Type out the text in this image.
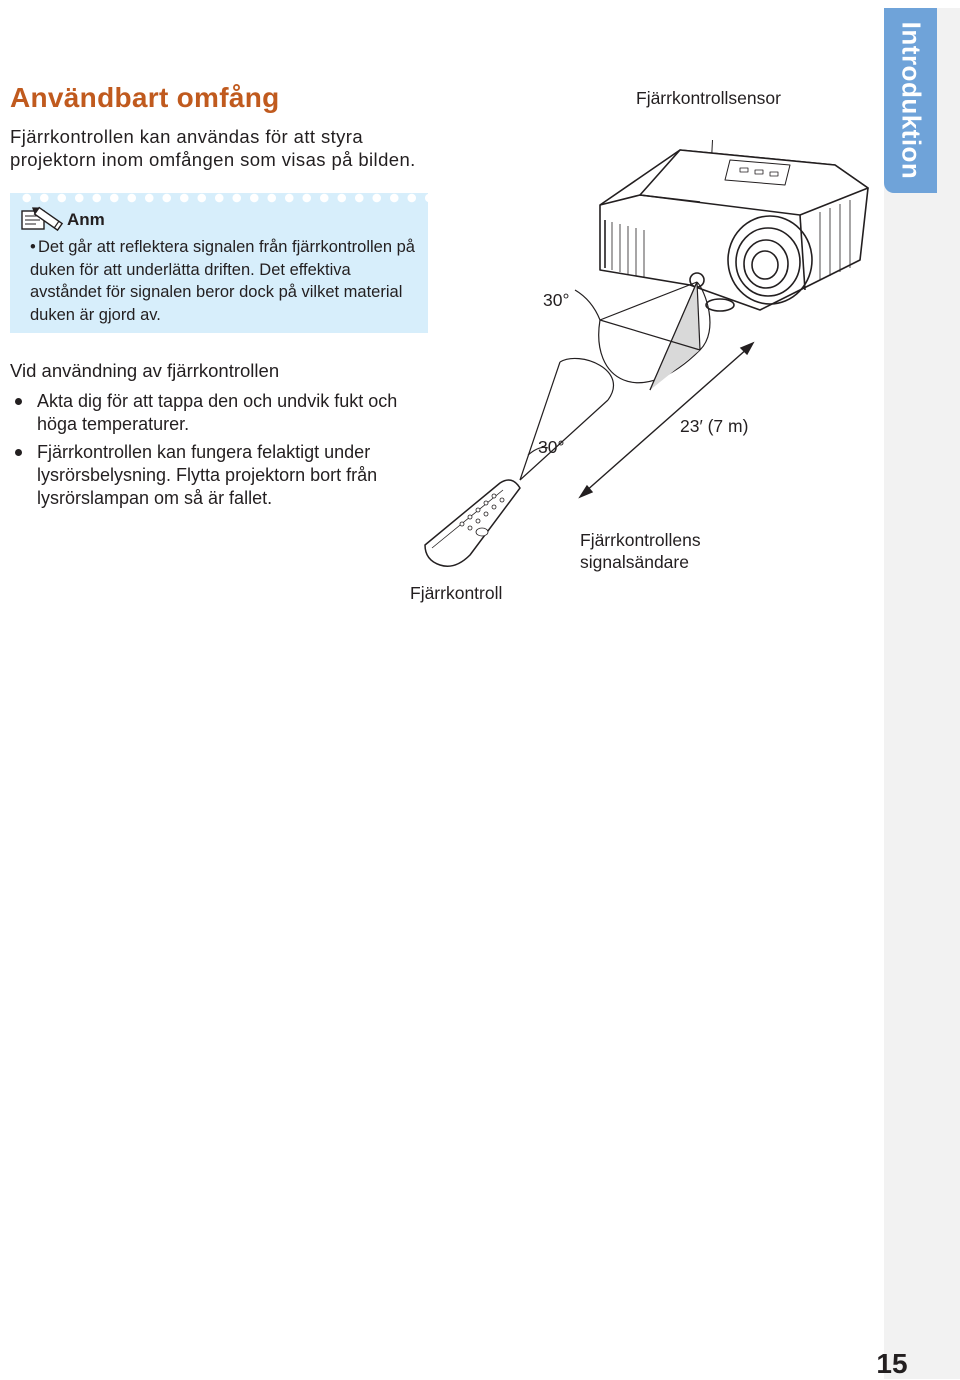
Introduktion
15
Användbart omfång

Fjärrkontrollen kan användas för att styra projektorn inom omfången som visas på bilden.

Anm

• Det går att reflektera signalen från fjärrkontrollen på duken för att underlätta driften. Det effektiva avståndet för signalen beror dock på vilket material duken är gjord av.

Vid användning av fjärrkontrollen
Akta dig för att tappa den och undvik fukt och höga temperaturer.
Fjärrkontrollen kan fungera felaktigt under lysrörsbelysning. Flytta projektorn bort från lysrörslampan om så är fallet.
Fjärrkontrollsensor
30°
30°
23′ (7 m)
Fjärrkontrollens
signalsändare
Fjärrkontroll
